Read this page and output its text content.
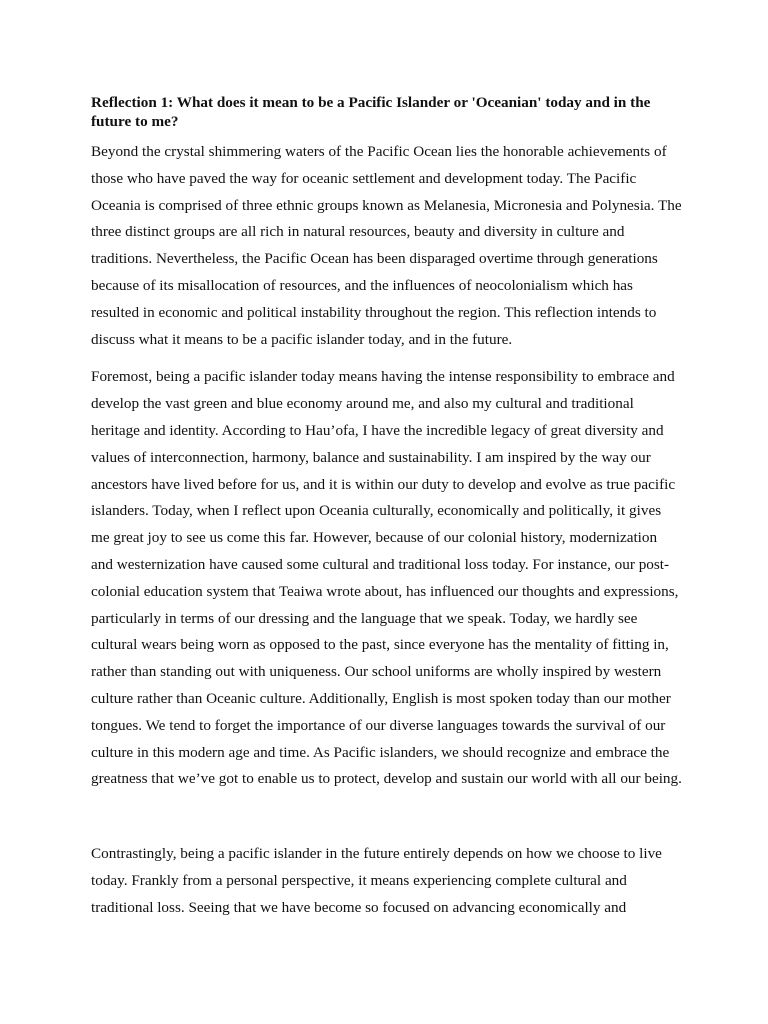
Reflection 1: What does it mean to be a Pacific Islander or 'Oceanian' today and in the
future to me?
Beyond the crystal shimmering waters of the Pacific Ocean lies the honorable achievements of
those who have paved the way for oceanic settlement and development today. The Pacific
Oceania is comprised of three ethnic groups known as Melanesia, Micronesia and Polynesia. The
three distinct groups are all rich in natural resources, beauty and diversity in culture and
traditions. Nevertheless, the Pacific Ocean has been disparaged overtime through generations
because of its misallocation of resources, and the influences of neocolonialism which has
resulted in economic and political instability throughout the region. This reflection intends to
discuss what it means to be a pacific islander today, and in the future.
Foremost, being a pacific islander today means having the intense responsibility to embrace and
develop the vast green and blue economy around me, and also my cultural and traditional
heritage and identity. According to Hau’ofa, I have the incredible legacy of great diversity and
values of interconnection, harmony, balance and sustainability. I am inspired by the way our
ancestors have lived before for us, and it is within our duty to develop and evolve as true pacific
islanders. Today, when I reflect upon Oceania culturally, economically and politically, it gives
me great joy to see us come this far. However, because of our colonial history, modernization
and westernization have caused some cultural and traditional loss today. For instance, our post-
colonial education system that Teaiwa wrote about, has influenced our thoughts and expressions,
particularly in terms of our dressing and the language that we speak. Today, we hardly see
cultural wears being worn as opposed to the past, since everyone has the mentality of fitting in,
rather than standing out with uniqueness. Our school uniforms are wholly inspired by western
culture rather than Oceanic culture. Additionally, English is most spoken today than our mother
tongues. We tend to forget the importance of our diverse languages towards the survival of our
culture in this modern age and time. As Pacific islanders, we should recognize and embrace the
greatness that we’ve got to enable us to protect, develop and sustain our world with all our being.
Contrastingly, being a pacific islander in the future entirely depends on how we choose to live
today. Frankly from a personal perspective, it means experiencing complete cultural and
traditional loss. Seeing that we have become so focused on advancing economically and
